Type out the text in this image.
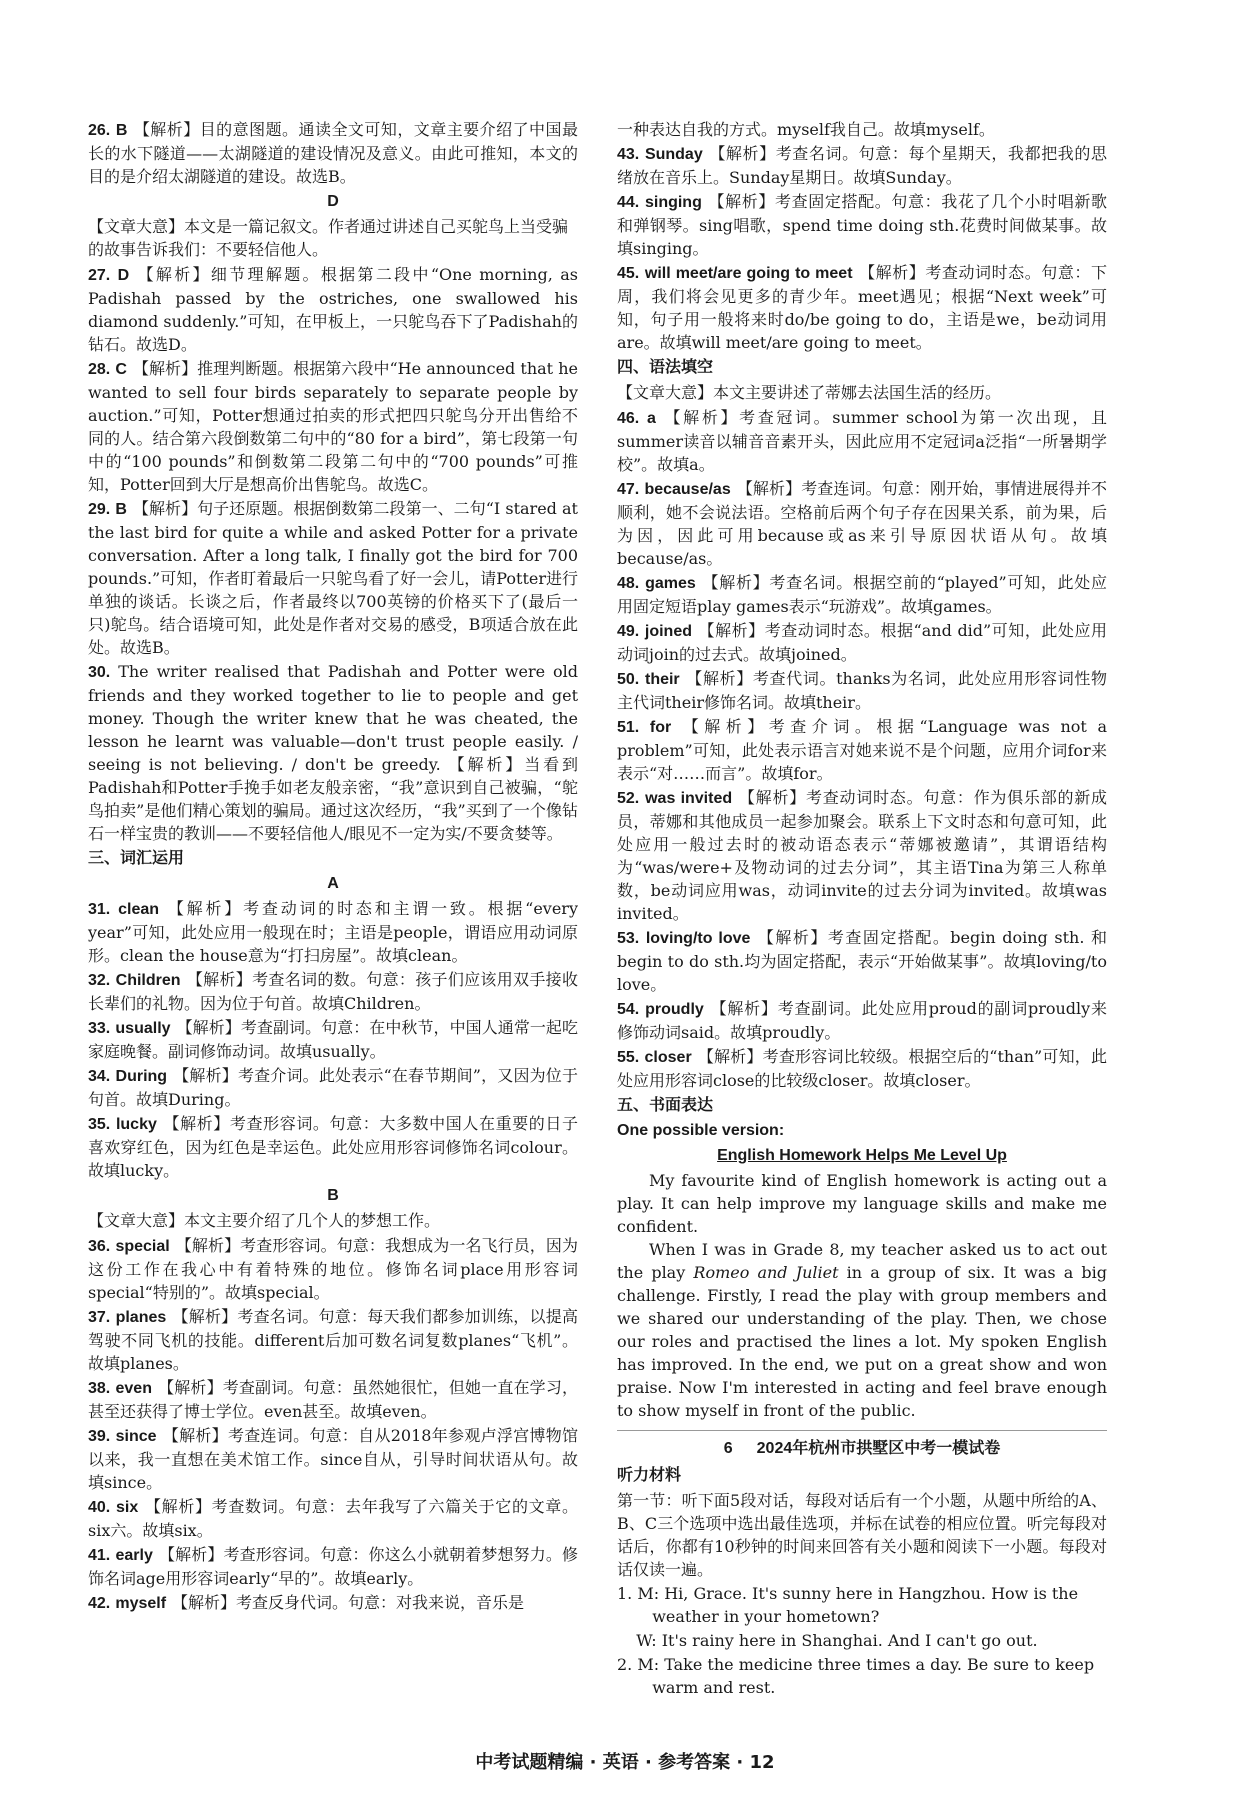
26. B 【解析】目的意图题。通读全文可知，文章主要介绍了中国最长的水下隧道——太湖隧道的建设情况及意义。由此可推知，本文的目的是介绍太湖隧道的建设。故选B。

D

【文章大意】本文是一篇记叙文。作者通过讲述自己买鸵鸟上当受骗的故事告诉我们：不要轻信他人。

27. D 【解析】细节理解题。根据第二段中“One morning, as Padishah passed by the ostriches, one swallowed his diamond suddenly.”可知，在甲板上，一只鸵鸟吞下了Padishah的钻石。故选D。

28. C 【解析】推理判断题。根据第六段中“He announced that he wanted to sell four birds separately to separate people by auction.”可知，Potter想通过拍卖的形式把四只鸵鸟分开出售给不同的人。结合第六段倒数第二句中的“80 for a bird”，第七段第一句中的“100 pounds”和倒数第二段第二句中的“700 pounds”可推知，Potter回到大厅是想高价出售鸵鸟。故选C。

29. B 【解析】句子还原题。根据倒数第二段第一、二句“I stared at the last bird for quite a while and asked Potter for a private conversation. After a long talk, I finally got the bird for 700 pounds.”可知，作者盯着最后一只鸵鸟看了好一会儿，请Potter进行单独的谈话。长谈之后，作者最终以700英镑的价格买下了(最后一只)鸵鸟。结合语境可知，此处是作者对交易的感受，B项适合放在此处。故选B。

30. The writer realised that Padishah and Potter were old friends and they worked together to lie to people and get money. Though the writer knew that he was cheated, the lesson he learnt was valuable—don't trust people easily. / seeing is not believing. / don't be greedy. 【解析】当看到Padishah和Potter手挽手如老友般亲密，“我”意识到自己被骗，“鸵鸟拍卖”是他们精心策划的骗局。通过这次经历，“我”买到了一个像钻石一样宝贵的教训——不要轻信他人/眼见不一定为实/不要贪婪等。

三、词汇运用
A

31. clean 【解析】考查动词的时态和主谓一致。根据“every year”可知，此处应用一般现在时；主语是people，谓语应用动词原形。clean the house意为“打扫房屋”。故填clean。

32. Children 【解析】考查名词的数。句意：孩子们应该用双手接收长辈们的礼物。因为位于句首。故填Children。

33. usually 【解析】考查副词。句意：在中秋节，中国人通常一起吃家庭晚餐。副词修饰动词。故填usually。

34. During 【解析】考查介词。此处表示“在春节期间”，又因为位于句首。故填During。

35. lucky 【解析】考查形容词。句意：大多数中国人在重要的日子喜欢穿红色，因为红色是幸运色。此处应用形容词修饰名词colour。故填lucky。

B

【文章大意】本文主要介绍了几个人的梦想工作。

36. special 【解析】考查形容词。句意：我想成为一名飞行员，因为这份工作在我心中有着特殊的地位。修饰名词place用形容词special“特别的”。故填special。

37. planes 【解析】考查名词。句意：每天我们都参加训练，以提高驾驶不同飞机的技能。different后加可数名词复数planes“飞机”。故填planes。

38. even 【解析】考查副词。句意：虽然她很忙，但她一直在学习，甚至还获得了博士学位。even甚至。故填even。

39. since 【解析】考查连词。句意：自从2018年参观卢浮宫博物馆以来，我一直想在美术馆工作。since自从，引导时间状语从句。故填since。

40. six 【解析】考查数词。句意：去年我写了六篇关于它的文章。six六。故填six。

41. early 【解析】考查形容词。句意：你这么小就朝着梦想努力。修饰名词age用形容词early“早的”。故填early。

42. myself 【解析】考查反身代词。句意：对我来说，音乐是

一种表达自我的方式。myself我自己。故填myself。

43. Sunday 【解析】考查名词。句意：每个星期天，我都把我的思绪放在音乐上。Sunday星期日。故填Sunday。

44. singing 【解析】考查固定搭配。句意：我花了几个小时唱新歌和弹钢琴。sing唱歌，spend time doing sth.花费时间做某事。故填singing。

45. will meet/are going to meet 【解析】考查动词时态。句意：下周，我们将会见更多的青少年。meet遇见；根据“Next week”可知，句子用一般将来时do/be going to do，主语是we，be动词用are。故填will meet/are going to meet。

四、语法填空

【文章大意】本文主要讲述了蒂娜去法国生活的经历。

46. a 【解析】考查冠词。summer school为第一次出现，且summer读音以辅音音素开头，因此应用不定冠词a泛指“一所暑期学校”。故填a。

47. because/as 【解析】考查连词。句意：刚开始，事情进展得并不顺利，她不会说法语。空格前后两个句子存在因果关系，前为果，后为因，因此可用because或as来引导原因状语从句。故填because/as。

48. games 【解析】考查名词。根据空前的“played”可知，此处应用固定短语play games表示“玩游戏”。故填games。

49. joined 【解析】考查动词时态。根据“and did”可知，此处应用动词join的过去式。故填joined。

50. their 【解析】考查代词。thanks为名词，此处应用形容词性物主代词their修饰名词。故填their。

51. for 【解析】考查介词。根据“Language was not a problem”可知，此处表示语言对她来说不是个问题，应用介词for来表示“对……而言”。故填for。

52. was invited 【解析】考查动词时态。句意：作为俱乐部的新成员，蒂娜和其他成员一起参加聚会。联系上下文时态和句意可知，此处应用一般过去时的被动语态表示“蒂娜被邀请”，其谓语结构为“was/were+及物动词的过去分词”，其主语Tina为第三人称单数，be动词应用was，动词invite的过去分词为invited。故填was invited。

53. loving/to love 【解析】考查固定搭配。begin doing sth. 和begin to do sth.均为固定搭配，表示“开始做某事”。故填loving/to love。

54. proudly 【解析】考查副词。此处应用proud的副词proudly来修饰动词said。故填proudly。

55. closer 【解析】考查形容词比较级。根据空后的“than”可知，此处应用形容词close的比较级closer。故填closer。

五、书面表达
One possible version:
English Homework Helps Me Level Up

My favourite kind of English homework is acting out a play. It can help improve my language skills and make me confident.

When I was in Grade 8, my teacher asked us to act out the play Romeo and Juliet in a group of six. It was a big challenge. Firstly, I read the play with group members and we shared our understanding of the play. Then, we chose our roles and practised the lines a lot. My spoken English has improved. In the end, we put on a great show and won praise. Now I'm interested in acting and feel brave enough to show myself in front of the public.

6 2024年杭州市拱墅区中考一模试卷
听力材料

第一节：听下面5段对话，每段对话后有一个小题，从题中所给的A、B、C三个选项中选出最佳选项，并标在试卷的相应位置。听完每段对话后，你都有10秒钟的时间来回答有关小题和阅读下一小题。每段对话仅读一遍。

1. M: Hi, Grace. It's sunny here in Hangzhou. How is the weather in your hometown?

W: It's rainy here in Shanghai. And I can't go out.

2. M: Take the medicine three times a day. Be sure to keep warm and rest.

中考试题精编 · 英语 · 参考答案 · 12
